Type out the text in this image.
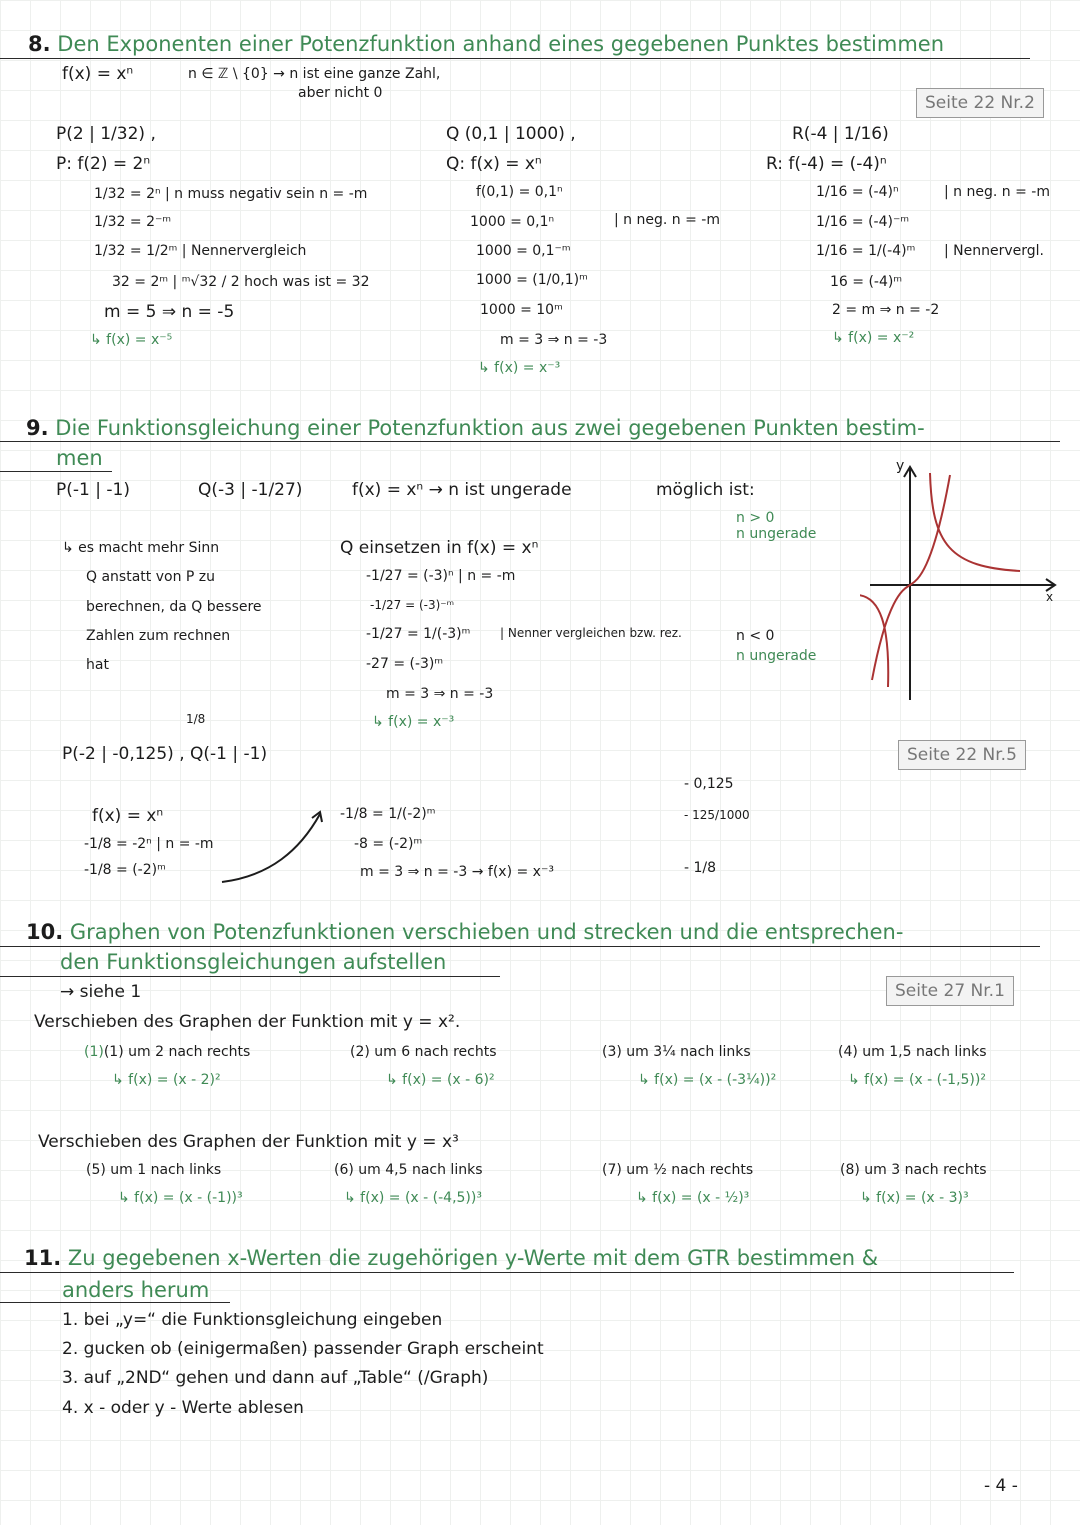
8. Den Exponenten einer Potenzfunktion anhand eines gegebenen Punktes bestimmen
f(x) = xⁿ	n ∈ ℤ \ {0} → n ist eine ganze Zahl,
aber nicht 0	Seite 22 Nr.2
P(2 | 1/32) ,
P: f(2) = 2ⁿ
1/32 = 2ⁿ | n muss negativ sein n = -m
1/32 = 2⁻ᵐ
1/32 = 1/2ᵐ | Nennervergleich
32 = 2ᵐ | ᵐ√32 / 2 hoch was ist = 32
m = 5 ⇒ n = -5
↳ f(x) = x⁻⁵
Q (0,1 | 1000) ,
Q: f(x) = xⁿ
f(0,1) = 0,1ⁿ
1000 = 0,1ⁿ	| n neg. n = -m
1000 = 0,1⁻ᵐ
1000 = (1/0,1)ᵐ
1000 = 10ᵐ
m = 3 ⇒ n = -3
↳ f(x) = x⁻³
R(-4 | 1/16)
R: f(-4) = (-4)ⁿ
1/16 = (-4)ⁿ	| n neg. n = -m
1/16 = (-4)⁻ᵐ
1/16 = 1/(-4)ᵐ | Nennervergl.
16 = (-4)ᵐ
2 = m ⇒ n = -2
↳ f(x) = x⁻²
9. Die Funktionsgleichung einer Potenzfunktion aus zwei gegebenen Punkten bestim-
men
P(-1 | -1)	Q(-3 | -1/27)	f(x) = xⁿ → n ist ungerade	möglich ist:
n > 0
n ungerade
n < 0
n ungerade
↳ es macht mehr Sinn
Q anstatt von P zu
berechnen, da Q bessere
Zahlen zum rechnen
hat
Q einsetzen in f(x) = xⁿ
-1/27 = (-3)ⁿ | n = -m
-1/27 = (-3)⁻ᵐ
-1/27 = 1/(-3)ᵐ | Nenner vergleichen bzw. rez.
-27 = (-3)ᵐ
m = 3 ⇒ n = -3
↳ f(x) = x⁻³
y
x
Seite 22 Nr.5
1/8
P(-2 | -0,125) , Q(-1 | -1)
f(x) = xⁿ
-1/8 = -2ⁿ | n = -m
-1/8 = (-2)ᵐ
-1/8 = 1/(-2)ᵐ
-8 = (-2)ᵐ
m = 3 ⇒ n = -3 → f(x) = x⁻³
- 0,125
- 125/1000
- 1/8
10. Graphen von Potenzfunktionen verschieben und strecken und die entsprechen-
den Funktionsgleichungen aufstellen
→ siehe 1	Seite 27 Nr.1
Verschieben des Graphen der Funktion mit y = x².
(1)(1) um 2 nach rechts
↳ f(x) = (x - 2)²
(2) um 6 nach rechts
↳ f(x) = (x - 6)²
(3) um 3¼ nach links
↳ f(x) = (x - (-3¼))²
(4) um 1,5 nach links
↳ f(x) = (x - (-1,5))²
Verschieben des Graphen der Funktion mit y = x³
(5) um 1 nach links
↳ f(x) = (x - (-1))³
(6) um 4,5 nach links
↳ f(x) = (x - (-4,5))³
(7) um ½ nach rechts
↳ f(x) = (x - ½)³
(8) um 3 nach rechts
↳ f(x) = (x - 3)³
11. Zu gegebenen x-Werten die zugehörigen y-Werte mit dem GTR bestimmen &
anders herum
1. bei „y=“ die Funktionsgleichung eingeben
2. gucken ob (einigermaßen) passender Graph erscheint
3. auf „2ND“ gehen und dann auf „Table“ (/Graph)
4. x - oder y - Werte ablesen
- 4 -
